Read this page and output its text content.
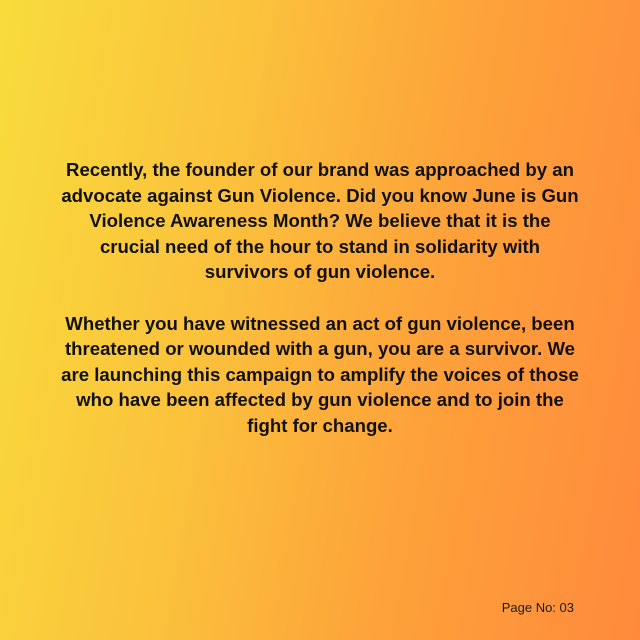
Recently, the founder of our brand was approached by an advocate against Gun Violence. Did you know June is Gun Violence Awareness Month? We believe that it is the crucial need of the hour to stand in solidarity with survivors of gun violence.

Whether you have witnessed an act of gun violence, been threatened or wounded with a gun, you are a survivor. We are launching this campaign to amplify the voices of those who have been affected by gun violence and to join the fight for change.

Page No: 03
